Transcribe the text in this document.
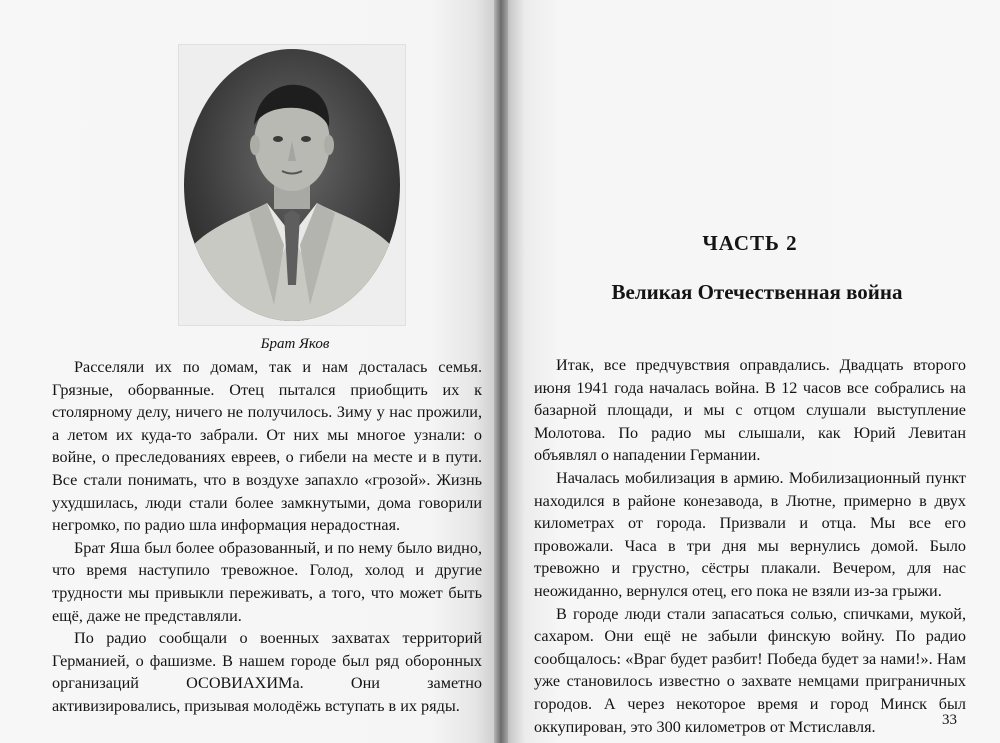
Брат Яков

Расселяли их по домам, так и нам досталась семья. Грязные, оборванные. Отец пытался приобщить их к столярному делу, ничего не получилось. Зиму у нас прожили, а летом их куда-то забрали. От них мы многое узнали: о войне, о преследованиях евреев, о гибели на месте и в пути. Все стали понимать, что в воздухе запахло «грозой». Жизнь ухудшилась, люди стали более замкнутыми, дома говорили негромко, по радио шла информация нерадостная.

Брат Яша был более образованный, и по нему было видно, что время наступило тревожное. Голод, холод и другие трудности мы привыкли переживать, а того, что может быть ещё, даже не представляли.

По радио сообщали о военных захватах территорий Германией, о фашизме. В нашем городе был ряд оборонных организаций ОСОВИАХИМа. Они заметно активизировались, призывая молодёжь вступать в их ряды.

ЧАСТЬ 2
Великая Отечественная война

Итак, все предчувствия оправдались. Двадцать второго июня 1941 года началась война. В 12 часов все собрались на базарной площади, и мы с отцом слушали выступление Молотова. По радио мы слышали, как Юрий Левитан объявлял о нападении Германии.

Началась мобилизация в армию. Мобилизационный пункт находился в районе конезавода, в Лютне, примерно в двух километрах от города. Призвали и отца. Мы все его провожали. Часа в три дня мы вернулись домой. Было тревожно и грустно, сёстры плакали. Вечером, для нас неожиданно, вернулся отец, его пока не взяли из-за грыжи.

В городе люди стали запасаться солью, спичками, мукой, сахаром. Они ещё не забыли финскую войну. По радио сообщалось: «Враг будет разбит! Победа будет за нами!». Нам уже становилось известно о захвате немцами приграничных городов. А через некоторое время и город Минск был оккупирован, это 300 километров от Мстиславля.	33
